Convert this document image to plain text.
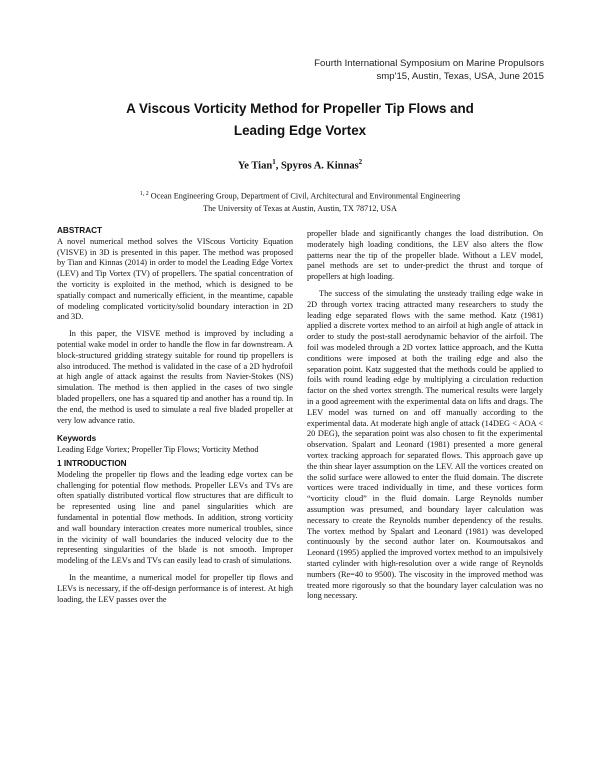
Fourth International Symposium on Marine Propulsors
smp'15, Austin, Texas, USA, June 2015
A Viscous Vorticity Method for Propeller Tip Flows and
Leading Edge Vortex
Ye Tian$^1$, Spyros A. Kinnas$^2$
$^{1, 2}$ Ocean Engineering Group, Department of Civil, Architectural and Environmental Engineering
The University of Texas at Austin, Austin, TX 78712, USA
ABSTRACT

A novel numerical method solves the VIScous Vorticity Equation (VISVE) in 3D is presented in this paper. The method was proposed by Tian and Kinnas (2014) in order to model the Leading Edge Vortex (LEV) and Tip Vortex (TV) of propellers. The spatial concentration of the vorticity is exploited in the method, which is designed to be spatially compact and numerically efficient, in the meantime, capable of modeling complicated vorticity/solid boundary interaction in 2D and 3D.

In this paper, the VISVE method is improved by including a potential wake model in order to handle the flow in far downstream. A block-structured gridding strategy suitable for round tip propellers is also introduced. The method is validated in the case of a 2D hydrofoil at high angle of attack against the results from Navier-Stokes (NS) simulation. The method is then applied in the cases of two single bladed propellers, one has a squared tip and another has a round tip. In the end, the method is used to simulate a real five bladed propeller at very low advance ratio.

Keywords

Leading Edge Vortex; Propeller Tip Flows; Vorticity Method

1 INTRODUCTION

Modeling the propeller tip flows and the leading edge vortex can be challenging for potential flow methods. Propeller LEVs and TVs are often spatially distributed vortical flow structures that are difficult to be represented using line and panel singularities which are fundamental in potential flow methods. In addition, strong vorticity and wall boundary interaction creates more numerical troubles, since in the vicinity of wall boundaries the induced velocity due to the representing singularities of the blade is not smooth. Improper modeling of the LEVs and TVs can easily lead to crash of simulations.

In the meantime, a numerical model for propeller tip flows and LEVs is necessary, if the off-design performance is of interest. At high loading, the LEV passes over the

propeller blade and significantly changes the load distribution. On moderately high loading conditions, the LEV also alters the flow patterns near the tip of the propeller blade. Without a LEV model, panel methods are set to under-predict the thrust and torque of propellers at high loading.

The success of the simulating the unsteady trailing edge wake in 2D through vortex tracing attracted many researchers to study the leading edge separated flows with the same method. Katz (1981) applied a discrete vortex method to an airfoil at high angle of attack in order to study the post-stall aerodynamic behavior of the airfoil. The foil was modeled through a 2D vortex lattice approach, and the Kutta conditions were imposed at both the trailing edge and also the separation point. Katz suggested that the methods could be applied to foils with round leading edge by multiplying a circulation reduction factor on the shed vortex strength. The numerical results were largely in a good agreement with the experimental data on lifts and drags. The LEV model was turned on and off manually according to the experimental data. At moderate high angle of attack (14DEG < AOA < 20 DEG), the separation point was also chosen to fit the experimental observation. Spalart and Leonard (1981) presented a more general vortex tracking approach for separated flows. This approach gave up the thin shear layer assumption on the LEV. All the vortices created on the solid surface were allowed to enter the fluid domain. The discrete vortices were traced individually in time, and these vortices form “vorticity cloud” in the fluid domain. Large Reynolds number assumption was presumed, and boundary layer calculation was necessary to create the Reynolds number dependency of the results. The vortex method by Spalart and Leonard (1981) was developed continuously by the second author later on. Koumoutsakos and Leonard (1995) applied the improved vortex method to an impulsively started cylinder with high-resolution over a wide range of Reynolds numbers (Re=40 to 9500). The viscosity in the improved method was treated more rigorously so that the boundary layer calculation was no long necessary.
